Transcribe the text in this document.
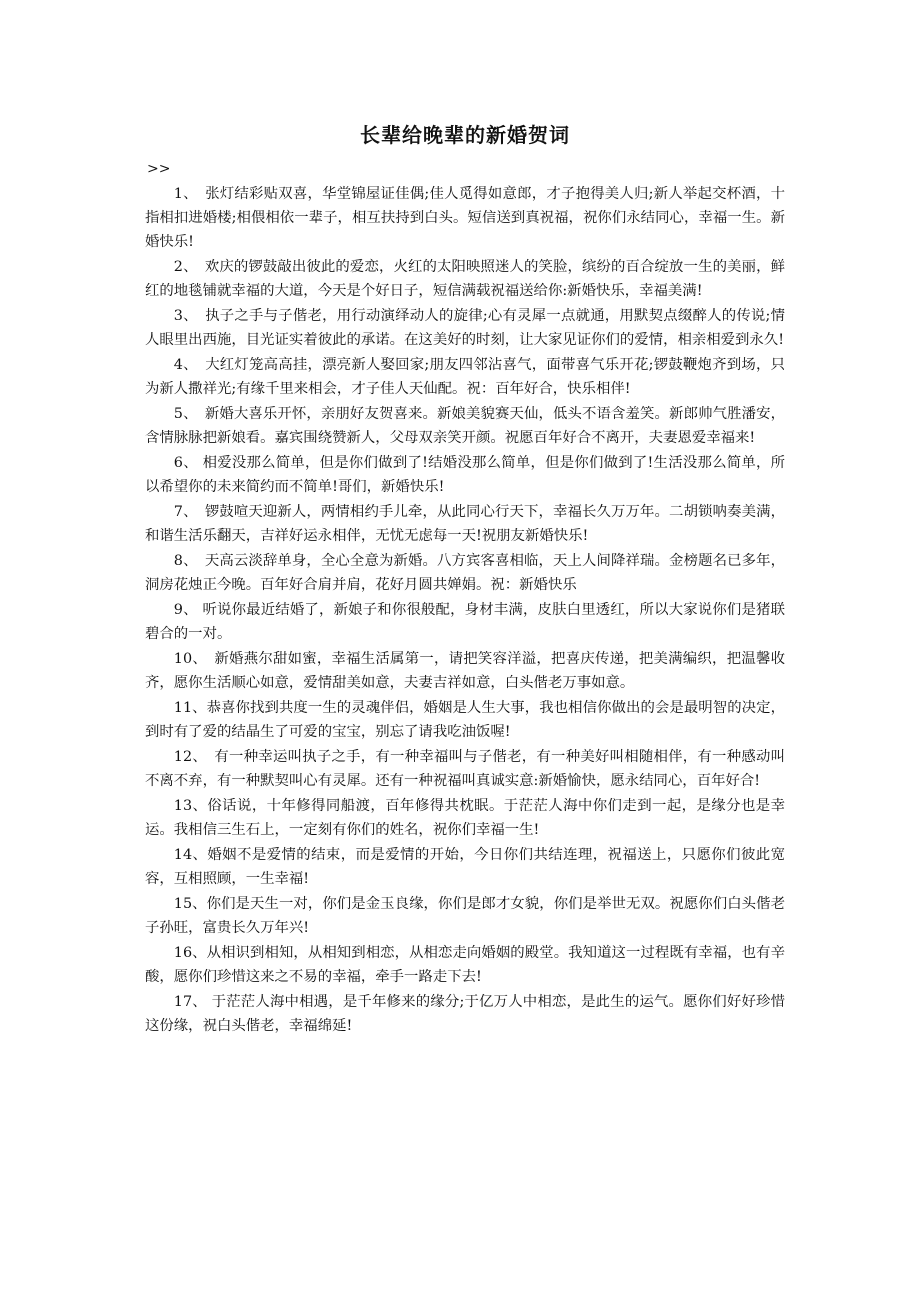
长辈给晚辈的新婚贺词
>>

1、　张灯结彩贴双喜，华堂锦屋证佳偶;佳人觅得如意郎，才子抱得美人归;新人举起交杯酒，十指相扣进婚楼;相偎相依一辈子，相互扶持到白头。短信送到真祝福，祝你们永结同心，幸福一生。新婚快乐!

2、　欢庆的锣鼓敲出彼此的爱恋，火红的太阳映照迷人的笑脸，缤纷的百合绽放一生的美丽，鲜红的地毯铺就幸福的大道，今天是个好日子，短信满载祝福送给你:新婚快乐，幸福美满!

3、　执子之手与子偕老，用行动演绎动人的旋律;心有灵犀一点就通，用默契点缀醉人的传说;情人眼里出西施，目光证实着彼此的承诺。在这美好的时刻，让大家见证你们的爱情，相亲相爱到永久!

4、　大红灯笼高高挂，漂亮新人娶回家;朋友四邻沾喜气，面带喜气乐开花;锣鼓鞭炮齐到场，只为新人撒祥光;有缘千里来相会，才子佳人天仙配。祝：百年好合，快乐相伴!

5、　新婚大喜乐开怀，亲朋好友贺喜来。新娘美貌赛天仙，低头不语含羞笑。新郎帅气胜潘安，含情脉脉把新娘看。嘉宾围绕赞新人，父母双亲笑开颜。祝愿百年好合不离开，夫妻恩爱幸福来!

6、 相爱没那么简单，但是你们做到了!结婚没那么简单，但是你们做到了!生活没那么简单，所以希望你的未来简约而不简单!哥们，新婚快乐!

7、　锣鼓喧天迎新人，两情相约手儿牵，从此同心行天下，幸福长久万万年。二胡锁呐奏美满，和谐生活乐翻天，吉祥好运永相伴，无忧无虑每一天!祝朋友新婚快乐!

8、　天高云淡辞单身，全心全意为新婚。八方宾客喜相临，天上人间降祥瑞。金榜题名已多年，洞房花烛正今晚。百年好合肩并肩，花好月圆共婵娟。祝：新婚快乐

9、 听说你最近结婚了，新娘子和你很般配，身材丰满，皮肤白里透红，所以大家说你们是猪联碧合的一对。

10、　新婚燕尔甜如蜜，幸福生活属第一，请把笑容洋溢，把喜庆传递，把美满编织，把温馨收齐，愿你生活顺心如意，爱情甜美如意，夫妻吉祥如意，白头偕老万事如意。

11、恭喜你找到共度一生的灵魂伴侣，婚姻是人生大事，我也相信你做出的会是最明智的决定，到时有了爱的结晶生了可爱的宝宝，别忘了请我吃油饭喔!

12、　有一种幸运叫执子之手，有一种幸福叫与子偕老，有一种美好叫相随相伴，有一种感动叫不离不弃，有一种默契叫心有灵犀。还有一种祝福叫真诚实意:新婚愉快，愿永结同心，百年好合!

13、俗话说，十年修得同船渡，百年修得共枕眠。于茫茫人海中你们走到一起，是缘分也是幸运。我相信三生石上，一定刻有你们的姓名，祝你们幸福一生!

14、婚姻不是爱情的结束，而是爱情的开始，今日你们共结连理，祝福送上，只愿你们彼此宽容，互相照顾，一生幸福!

15、你们是天生一对，你们是金玉良缘，你们是郎才女貌，你们是举世无双。祝愿你们白头偕老子孙旺，富贵长久万年兴!

16、从相识到相知，从相知到相恋，从相恋走向婚姻的殿堂。我知道这一过程既有幸福，也有辛酸，愿你们珍惜这来之不易的幸福，牵手一路走下去!

17、 于茫茫人海中相遇，是千年修来的缘分;于亿万人中相恋，是此生的运气。愿你们好好珍惜这份缘，祝白头偕老，幸福绵延!
